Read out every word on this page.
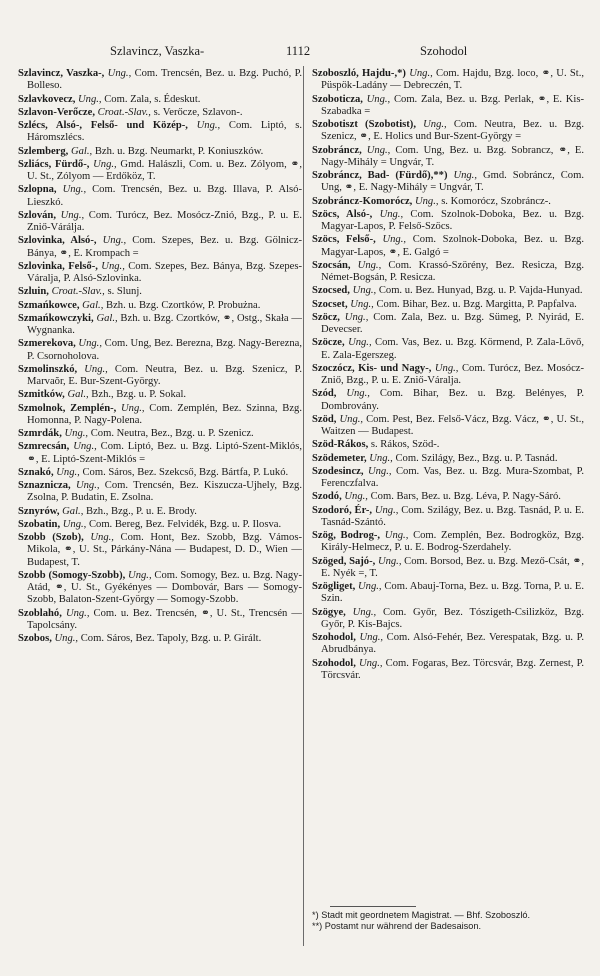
Szlavincz, Vaszka-	1112	Szohodol
Szlavincz, Vaszka-, Ung., Com. Trencsén, Bez. u. Bzg. Puchó, P. Bolleso.
Szlavkovecz, Ung., Com. Zala, s. Édeskut.
Szlavon-Verőcze, Croat.-Slav., s. Verőcze, Szlavon-.
Szlécs, Alsó-, Felső- und Közép-, Ung., Com. Liptó, s. Háromszlécs.
Szlemberg, Gal., Bzh. u. Bzg. Neumarkt, P. Koniuszków.
Szliács, Fürdő-, Ung., Gmd. Halászli, Com. u. Bez. Zólyom, ⚭, U. St., Zólyom — Erdőköz, T.
Szlopna, Ung., Com. Trencsén, Bez. u. Bzg. Illava, P. Alsó-Lieszkó.
Szlován, Ung., Com. Turócz, Bez. Mosócz-Znió, Bzg., P. u. E. Zniő-Várálja.
Szlovinka, Alsó-, Ung., Com. Szepes, Bez. u. Bzg. Gölnicz-Bánya, ⚭, E. Krompach =
Szlovinka, Felső-, Ung., Com. Szepes, Bez. Bánya, Bzg. Szepes-Váralja, P. Alsó-Szlovinka.
Szluin, Croat.-Slav., s. Slunj.
Szmańkowce, Gal., Bzh. u. Bzg. Czortków, P. Probużna.
Szmańkowczyki, Gal., Bzh. u. Bzg. Czortków, ⚭, Ostg., Skała — Wygnanka.
Szmerekova, Ung., Com. Ung, Bez. Berezna, Bzg. Nagy-Berezna, P. Csornoholova.
Szmolinszkó, Ung., Com. Neutra, Bez. u. Bzg. Szenicz, P. Marvaŏr, E. Bur-Szent-György.
Szmitków, Gal., Bzh., Bzg. u. P. Sokal.
Szmolnok, Zemplén-, Ung., Com. Zemplén, Bez. Szinna, Bzg. Homonna, P. Nagy-Polena.
Szmrdák, Ung., Com. Neutra, Bez., Bzg. u. P. Szenicz.
Szmrecsán, Ung., Com. Liptó, Bez. u. Bzg. Liptó-Szent-Miklós, ⚭, E. Liptó-Szent-Miklós =
Sznakó, Ung., Com. Sáros, Bez. Szekcső, Bzg. Bártfa, P. Lukó.
Sznaznicza, Ung., Com. Trencsén, Bez. Kiszucza-Ujhely, Bzg. Zsolna, P. Budatin, E. Zsolna.
Sznyrów, Gal., Bzh., Bzg., P. u. E. Brody.
Szobatin, Ung., Com. Bereg, Bez. Felvidék, Bzg. u. P. Ilosva.
Szobb (Szob), Ung., Com. Hont, Bez. Szobb, Bzg. Vámos-Mikola, ⚭, U. St., Párkány-Nána — Budapest, D. D., Wien — Budapest, T.
Szobb (Somogy-Szobb), Ung., Com. Somogy, Bez. u. Bzg. Nagy-Atád, ⚭, U. St., Gyékényes — Dombovár, Bars — Somogy-Szobb, Balaton-Szent-György — Somogy-Szobb.
Szoblahó, Ung., Com. u. Bez. Trencsén, ⚭, U. St., Trencsén — Tapolcsány.
Szobos, Ung., Com. Sáros, Bez. Tapoly, Bzg. u. P. Girált.
Szoboszló, Hajdu-,*) Ung., Com. Hajdu, Bzg. loco, ⚭, U. St., Püspök-Ladány — Debreczén, T.
Szoboticza, Ung., Com. Zala, Bez. u. Bzg. Perlak, ⚭, E. Kis-Szabadka =
Szobotiszt (Szobotist), Ung., Com. Neutra, Bez. u. Bzg. Szenicz, ⚭, E. Holics und Bur-Szent-György =
Szobráncz, Ung., Com. Ung, Bez. u. Bzg. Sobrancz, ⚭, E. Nagy-Mihály = Ungvár, T.
Szobráncz, Bad- (Fürdő),**) Ung., Gmd. Sobráncz, Com. Ung, ⚭, E. Nagy-Mihály = Ungvár, T.
Szobráncz-Komorócz, Ung., s. Komorócz, Szobráncz-.
Szöcs, Alsó-, Ung., Com. Szolnok-Doboka, Bez. u. Bzg. Magyar-Lapos, P. Felső-Szöcs.
Szöcs, Felső-, Ung., Com. Szolnok-Doboka, Bez. u. Bzg. Magyar-Lapos, ⚭, E. Galgó =
Szocsán, Ung., Com. Krassó-Szörény, Bez. Resicza, Bzg. Német-Bogsán, P. Resicza.
Szocsed, Ung., Com. u. Bez. Hunyad, Bzg. u. P. Vajda-Hunyad.
Szocset, Ung., Com. Bihar, Bez. u. Bzg. Margitta, P. Papfalva.
Szöcz, Ung., Com. Zala, Bez. u. Bzg. Sümeg, P. Nyirád, E. Devecser.
Szöcze, Ung., Com. Vas, Bez. u. Bzg. Körmend, P. Zala-Lövő, E. Zala-Egerszeg.
Szoczócz, Kis- und Nagy-, Ung., Com. Turócz, Bez. Mosócz-Zniő, Bzg., P. u. E. Zniő-Váralja.
Szód, Ung., Com. Bihar, Bez. u. Bzg. Belényes, P. Dombrovány.
Szöd, Ung., Com. Pest, Bez. Felső-Vácz, Bzg. Vácz, ⚭, U. St., Waitzen — Budapest.
Szöd-Rákos, s. Rákos, Szöd-.
Szödemeter, Ung., Com. Szilágy, Bez., Bzg. u. P. Tasnád.
Szodesincz, Ung., Com. Vas, Bez. u. Bzg. Mura-Szombat, P. Ferenczfalva.
Szodó, Ung., Com. Bars, Bez. u. Bzg. Léva, P. Nagy-Sáró.
Szodoró, Ér-, Ung., Com. Szilágy, Bez. u. Bzg. Tasnád, P. u. E. Tasnád-Szántó.
Szög, Bodrog-, Ung., Com. Zemplén, Bez. Bodrogköz, Bzg. Király-Helmecz, P. u. E. Bodrog-Szerdahely.
Szöged, Sajó-, Ung., Com. Borsod, Bez. u. Bzg. Mező-Csát, ⚭, E. Nyék =, T.
Szögliget, Ung., Com. Abauj-Torna, Bez. u. Bzg. Torna, P. u. E. Szin.
Szögye, Ung., Com. Győr, Bez. Tószigeth-Csilizköz, Bzg. Győr, P. Kis-Bajcs.
Szohodol, Ung., Com. Alsó-Fehér, Bez. Verespatak, Bzg. u. P. Abrudbánya.
Szohodol, Ung., Com. Fogaras, Bez. Törcsvár, Bzg. Zernest, P. Törcsvár.
*) Stadt mit geordnetem Magistrat. — Bhf. Szoboszló.
**) Postamt nur während der Badesaison.
